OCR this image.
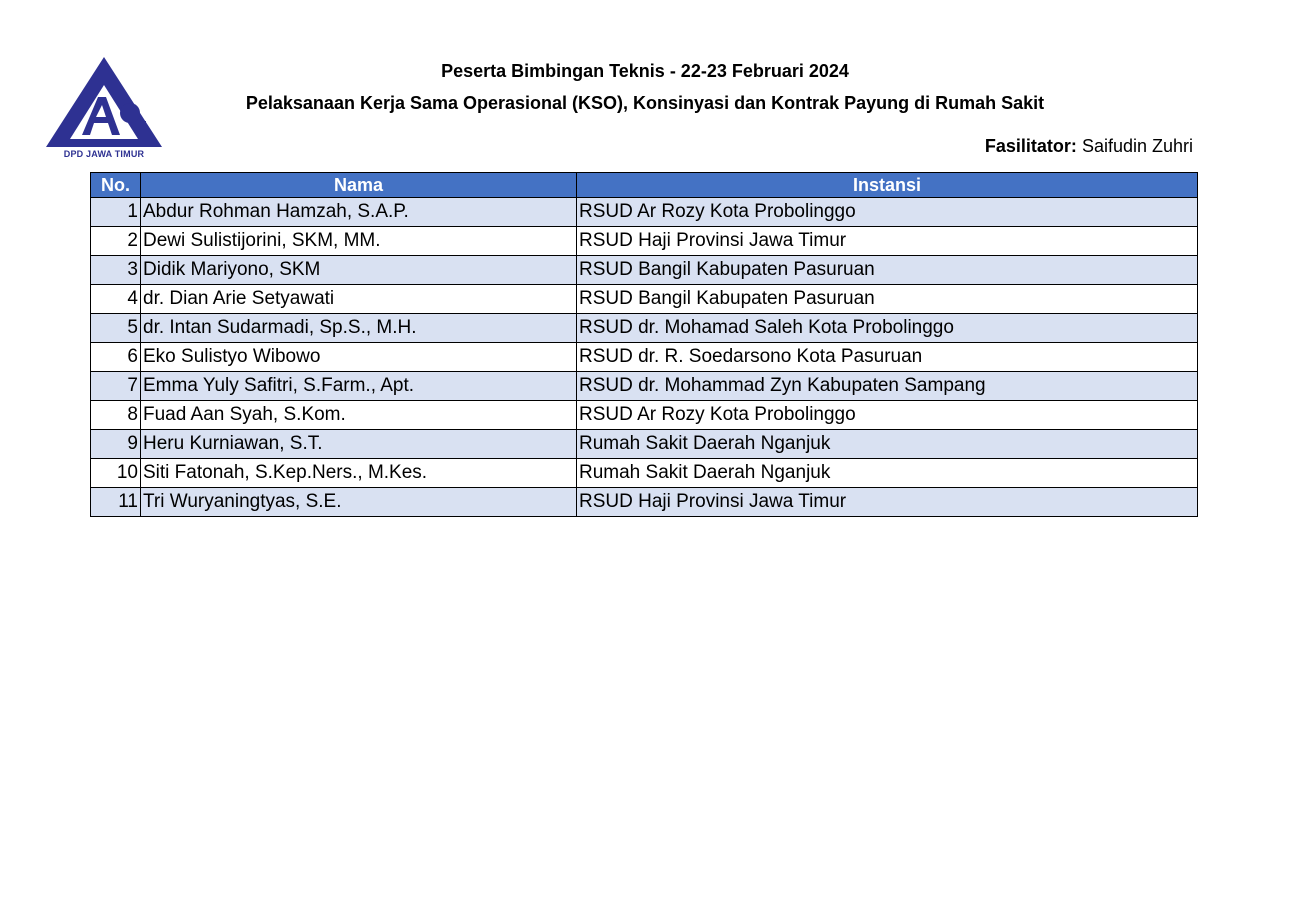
DPD JAWA TIMUR
Peserta Bimbingan Teknis - 22-23 Februari 2024
Pelaksanaan Kerja Sama Operasional (KSO), Konsinyasi dan Kontrak Payung di Rumah Sakit
Fasilitator: Saifudin Zuhri
No.	Nama	Instansi
1	Abdur Rohman Hamzah, S.A.P.	RSUD Ar Rozy Kota Probolinggo
2	Dewi Sulistijorini, SKM, MM.	RSUD Haji Provinsi Jawa Timur
3	Didik Mariyono, SKM	RSUD Bangil Kabupaten Pasuruan
4	dr. Dian Arie Setyawati	RSUD Bangil Kabupaten Pasuruan
5	dr. Intan Sudarmadi, Sp.S., M.H.	RSUD dr. Mohamad Saleh Kota Probolinggo
6	Eko Sulistyo Wibowo	RSUD dr. R. Soedarsono Kota Pasuruan
7	Emma Yuly Safitri, S.Farm., Apt.	RSUD dr. Mohammad Zyn Kabupaten Sampang
8	Fuad Aan Syah, S.Kom.	RSUD Ar Rozy Kota Probolinggo
9	Heru Kurniawan, S.T.	Rumah Sakit Daerah Nganjuk
10	Siti Fatonah, S.Kep.Ners., M.Kes.	Rumah Sakit Daerah Nganjuk
11	Tri Wuryaningtyas, S.E.	RSUD Haji Provinsi Jawa Timur
